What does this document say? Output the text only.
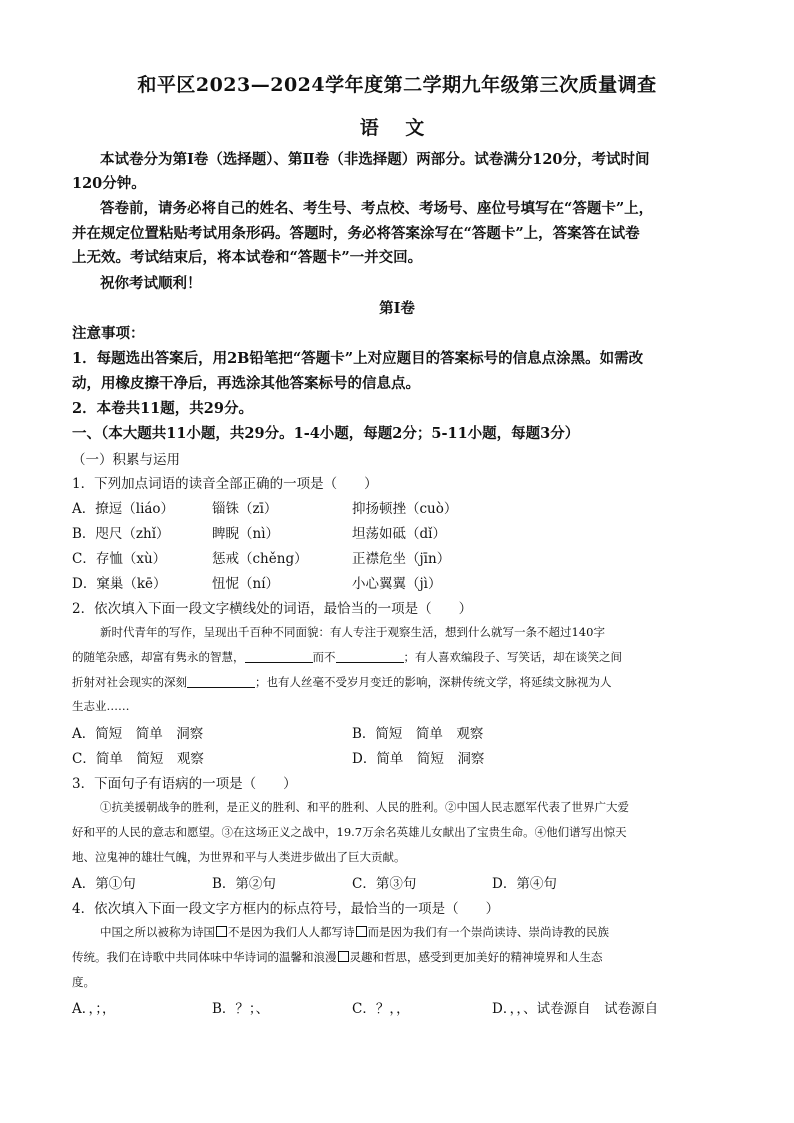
和平区2023—2024学年度第二学期九年级第三次质量调查
语 文
本试卷分为第Ⅰ卷（选择题）、第Ⅱ卷（非选择题）两部分。试卷满分120分，考试时间
120分钟。
答卷前，请务必将自己的姓名、考生号、考点校、考场号、座位号填写在“答题卡”上，
并在规定位置粘贴考试用条形码。答题时，务必将答案涂写在“答题卡”上，答案答在试卷
上无效。考试结束后，将本试卷和“答题卡”一并交回。
祝你考试顺利！
第Ⅰ卷
注意事项：
1．每题选出答案后，用2B铅笔把“答题卡”上对应题目的答案标号的信息点涂黑。如需改
动，用橡皮擦干净后，再选涂其他答案标号的信息点。
2．本卷共11题，共29分。
一、（本大题共11小题，共29分。1-4小题，每题2分；5-11小题，每题3分）
（一）积累与运用
1．下列加点词语的读音全部正确的一项是（　　）
A．撩逗（liáo）	锱铢（zī）	抑扬顿挫（cuò）
B．咫尺（zhǐ）	睥睨（nì）	坦荡如砥（dǐ）
C．存恤（xù）	惩戒（chěng）	正襟危坐（jīn）
D．窠巢（kē）	忸怩（ní）	小心翼翼（jì）
2．依次填入下面一段文字横线处的词语，最恰当的一项是（　　）
新时代青年的写作，呈现出千百种不同面貌：有人专注于观察生活，想到什么就写一条不超过140字
的随笔杂感，却富有隽永的智慧，	而不	；有人喜欢编段子、写笑话，却在谈笑之间
折射对社会现实的深刻	；也有人丝毫不受岁月变迁的影响，深耕传统文学，将延续文脉视为人
生志业……
A．简短　简单　洞察	B．简短　简单　观察
C．简单　简短　观察	D．简单　简短　洞察
3．下面句子有语病的一项是（　　）
①抗美援朝战争的胜利，是正义的胜利、和平的胜利、人民的胜利。②中国人民志愿军代表了世界广大爱
好和平的人民的意志和愿望。③在这场正义之战中，19.7万余名英雄儿女献出了宝贵生命。④他们谱写出惊天
地、泣鬼神的雄壮气魄，为世界和平与人类进步做出了巨大贡献。
A．第①句	B．第②句	C．第③句	D．第④句
4．依次填入下面一段文字方框内的标点符号，最恰当的一项是（　　）
中国之所以被称为诗国 不是因为我们人人都写诗 而是因为我们有一个崇尚读诗、崇尚诗教的民族
传统。我们在诗歌中共同体味中华诗词的温馨和浪漫 灵趣和哲思，感受到更加美好的精神境界和人生态
度。
A．，；，	B．？；、	C．？，，	D．，，、试卷源自　试卷源自
